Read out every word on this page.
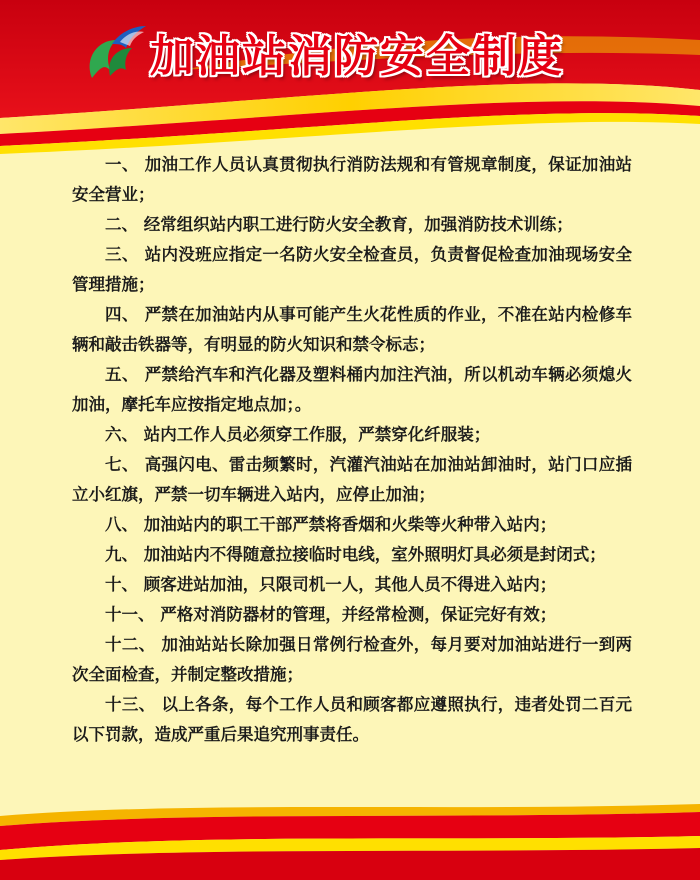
加油站消防安全制度

一、 加油工作人员认真贯彻执行消防法规和有管规章制度，保证加油站安全营业；

二、 经常组织站内职工进行防火安全教育，加强消防技术训练；

三、 站内没班应指定一名防火安全检查员，负责督促检查加油现场安全管理措施；

四、 严禁在加油站内从事可能产生火花性质的作业，不准在站内检修车辆和敲击铁器等，有明显的防火知识和禁令标志；

五、 严禁给汽车和汽化器及塑料桶内加注汽油，所以机动车辆必须熄火加油，摩托车应按指定地点加；。

六、 站内工作人员必须穿工作服，严禁穿化纤服装；

七、 高强闪电、雷击频繁时，汽灌汽油站在加油站卸油时，站门口应插立小红旗，严禁一切车辆进入站内，应停止加油；

八、 加油站内的职工干部严禁将香烟和火柴等火种带入站内；

九、 加油站内不得随意拉接临时电线，室外照明灯具必须是封闭式；

十、 顾客进站加油，只限司机一人，其他人员不得进入站内；

十一、 严格对消防器材的管理，并经常检测，保证完好有效；

十二、 加油站站长除加强日常例行检查外，每月要对加油站进行一到两次全面检查，并制定整改措施；

十三、 以上各条，每个工作人员和顾客都应遵照执行，违者处罚二百元以下罚款，造成严重后果追究刑事责任。
